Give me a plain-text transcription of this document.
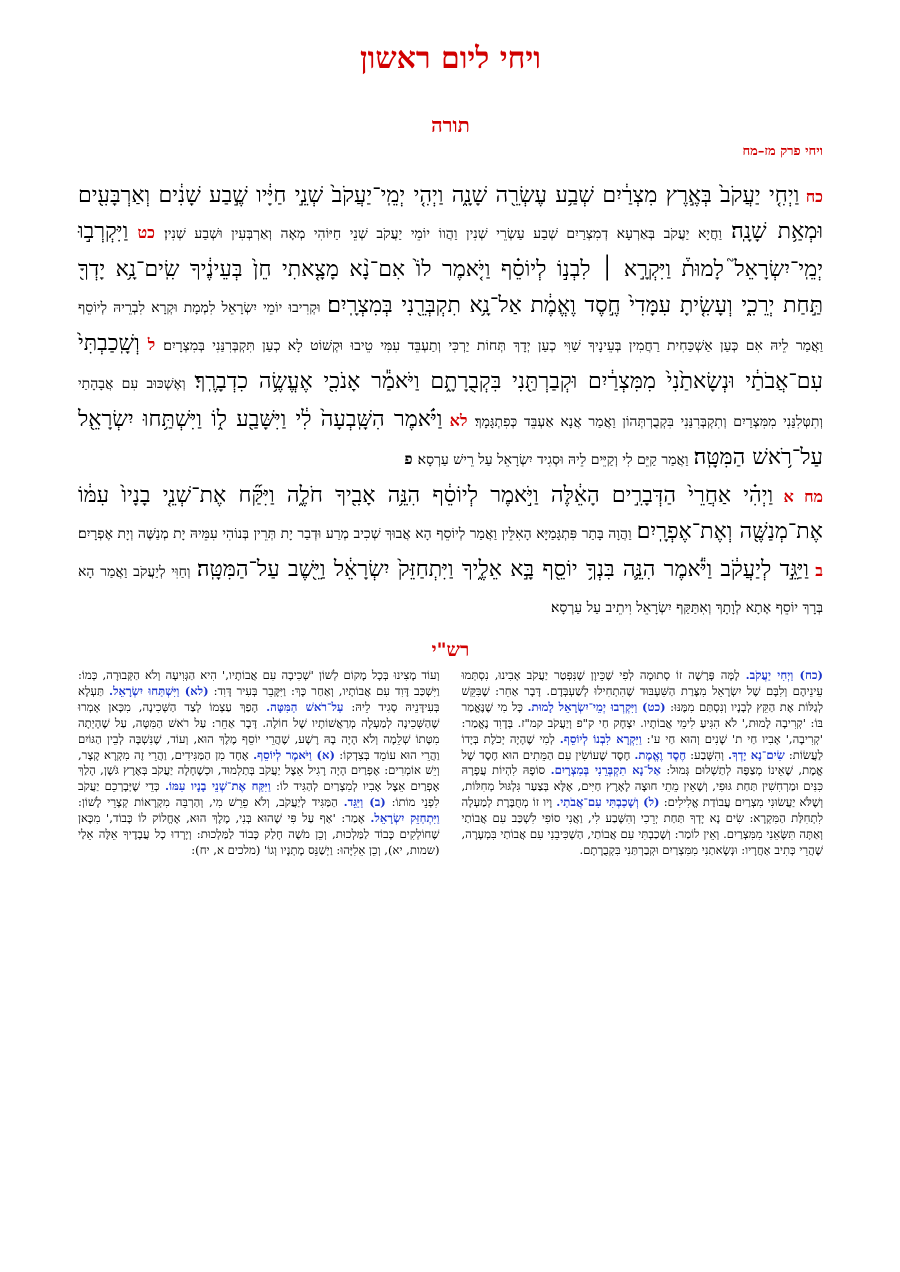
ויחי ליום ראשון
תורה
ויחי פרק מז–מח
כח וַיְחִ֤י יַעֲקֹב֙ בְּאֶ֣רֶץ מִצְרַ֔יִם שְׁבַ֥ע עֶשְׂרֵ֖ה שָׁנָ֑ה וַיְהִ֤י יְמֵֽי־יַעֲקֹב֙ שְׁנֵ֣י חַיָּ֔יו שֶׁ֣בַע שָׁנִ֔ים וְאַרְבָּעִ֖ים וּמְאַ֥ת שָׁנָֽה׃ וַחֲיָא יַעֲקֹב בְּאַרְעָא דְמִצְרַיִם שְׁבַע עַשְׂרֵי שְׁנִין וַהֲווֹ יוֹמֵי יַעֲקֹב שְׁנֵי חַיּוֹהִי מְאָה וְאַרְבְּעִין וּשְׁבַע שְׁנִין׃ כט וַיִּקְרְב֣וּ יְמֵֽי־יִשְׂרָאֵל֮ לָמוּת֒ וַיִּקְרָ֣א ׀ לִבְנ֣וֹ לְיוֹסֵ֗ף וַיֹּ֤אמֶר לוֹ֙ אִם־נָ֨א מָצָ֤אתִי חֵן֙ בְּעֵינֶ֔יךָ שִֽׂים־נָ֥א יָדְךָ֖ תַּ֣חַת יְרֵכִ֑י וְעָשִׂ֤יתָ עִמָּדִי֙ חֶ֣סֶד וֶאֱמֶ֔ת אַל־נָ֥א תִקְבְּרֵ֖נִי בְּמִצְרָֽיִם׃ וּקְרִיבוּ יוֹמֵי יִשְׂרָאֵל לִמְמָת וּקְרָא לִבְרֵיהּ לְיוֹסֵף וַאֲמַר לֵיהּ אִם כְּעַן אַשְׁכַּחִית רַחֲמִין בְּעֵינָיךְ שַׁוִּי כְעַן יְדָךְ תְּחוֹת יַרְכִּי וְתַעְבֵּד עִמִּי טֵיבוּ וּקְשׁוֹט לָא כְעַן תִּקְבְּרִנַּנִי בְּמִצְרָיִם׃ ל וְשָֽׁכַבְתִּי֙ עִם־אֲבֹתַ֔י וּנְשָׂאתַ֙נִי֙ מִמִּצְרַ֔יִם וּקְבַרְתַּ֖נִי בִּקְבֻרָתָ֑ם וַיֹּאמַ֕ר אָנֹכִ֖י אֶעֱשֶׂ֥ה כִדְבָרֶֽךָ׃ וְאֶשְׁכּוּב עִם אֲבָהָתַי וְתִטְּלִנַּנִי מִמִּצְרַיִם וְתִקְבְּרִנַּנִי בִּקְבֻרְתְּהוֹן וַאֲמַר אֲנָא אַעְבֵּד כְּפִתְגָּמָךְ׃ לא וַיֹּ֗אמֶר הִשָּֽׁבְעָה֙ לִ֔י וַיִּשָּׁבַ֖ע ל֑וֹ וַיִּשְׁתַּ֥חוּ יִשְׂרָאֵ֖ל עַל־רֹ֥אשׁ הַמִּטָּֽה׃ וַאֲמַר קַיֵּם לִי וְקַיֵּים לֵיהּ וּסְגִיד יִשְׂרָאֵל עַל רֵישׁ עַרְסָא׃ פ
מח א וַיְהִ֗י אַחֲרֵי֙ הַדְּבָרִ֣ים הָאֵ֔לֶּה וַיֹּ֣אמֶר לְיוֹסֵ֔ף הִנֵּ֥ה אָבִ֖יךָ חֹלֶ֑ה וַיִּקַּ֞ח אֶת־שְׁנֵ֤י בָנָיו֙ עִמּ֔וֹ אֶת־מְנַשֶּׁ֖ה וְאֶת־אֶפְרָֽיִם׃ וַהֲוָה בָּתַר פִּתְגָּמַיָּא הָאִלֵּין וַאֲמַר לְיוֹסֵף הָא אֲבוּךְ שְׁכִיב מְרַע וּדְבַר יָת תְּרֵין בְּנוֹהִי עִמֵּיהּ יָת מְנַשֶּׁה וְיָת אֶפְרָיִם׃ ב וַיַּגֵּ֣ד לְיַעֲקֹ֔ב וַיֹּ֕אמֶר הִנֵּ֛ה בִּנְךָ֥ יוֹסֵ֖ף בָּ֣א אֵלֶ֑יךָ וַיִּתְחַזֵּק֙ יִשְׂרָאֵ֔ל וַיֵּ֖שֶׁב עַל־הַמִּטָּֽה׃ וְחַוִּי לְיַעֲקֹב וַאֲמַר הָא בְּרָךְ יוֹסֵף אָתָא לְוָתָךְ וְאִתַּקַּף יִשְׂרָאֵל וִיתֵיב עַל עַרְסָא׃
רש"י
(כח) וַיְחִי יַעֲקֹב. לָמָּה פָּרָשָׁה זוֹ סְתוּמָה לְפִי שֶׁכֵּיוָן שֶׁנִּפְטַר יַעֲקֹב אָבִינוּ, נִסְתְּמוּ עֵינֵיהֶם וְלִבָּם שֶׁל יִשְׂרָאֵל מִצָּרַת הַשִּׁעְבּוּד שֶׁהִתְחִילוּ לְשַׁעְבְּדָם. דָּבָר אַחֵר: שֶׁבִּקֵּשׁ לְגַלּוֹת אֶת הַקֵּץ לְבָנָיו וְנִסְתַּם מִמֶּנּוּ: (כט) וַיִּקְרְבוּ יְמֵי־יִשְׂרָאֵל לָמוּת. כָּל מִי שֶׁנֶּאֱמַר בּוֹ: 'קְרִיבָה לָמוּת,' לֹא הִגִּיעַ לִימֵי אֲבוֹתָיו. יִצְחָק חַי ק"פ וְיַעֲקֹב קמ"ז. בְּדָוִד נֶאֱמַר: 'קְרִיבָה,' אָבִיו חַי ת' שָׁנִים וְהוּא חַי ע': וַיִּקְרָא לִבְנוֹ לְיוֹסֵף. לְמִי שֶׁהָיָה יְכֹלֶת בְּיָדוֹ לַעֲשׂוֹת: שִׂים־נָא יָדְךָ. וְהִשָּׁבַע: חֶסֶד וֶאֱמֶת. חֶסֶד שֶׁעוֹשִׂין עִם הַמֵּתִים הוּא חֶסֶד שֶׁל אֱמֶת, שֶׁאֵינוֹ מְצַפֶּה לְתַשְׁלוּם גְּמוּל: אַל־נָא תִקְבְּרֵנִי בְּמִצְרָיִם. סוֹפָהּ לִהְיוֹת עֲפָרָהּ כִּנִּים וּמַרְחִשִׁין תַּחַת גּוּפִי, וְשֶׁאֵין מֵתֵי חוּצָה לָאָרֶץ חַיִּים, אֶלָּא בְּצַעַר גִּלְגּוּל מְחִלּוֹת, וְשֶׁלֹּא יַעֲשׂוּנִי מִצְרַיִם עֲבוֹדַת אֱלִילִים: (ל) וְשָׁכַבְתִּי עִם־אֲבֹתַי. וָיו זוֹ מְחֻבֶּרֶת לְמַעְלָה לִתְחִלַּת הַמִּקְרָא: שִׂים נָא יָדְךָ תַּחַת יְרֵכִי וְהִשָּׁבַע לִי, וַאֲנִי סוֹפִי לִשְׁכַּב עִם אֲבוֹתַי וְאַתָּה תִּשָּׂאֵנִי מִמִּצְרַיִם. וְאֵין לוֹמַר: וְשָׁכַבְתִּי עִם אֲבוֹתַי, הַשְׁכִּיבֵנִי עִם אֲבוֹתַי בִּמְעָרָה, שֶׁהֲרֵי כְּתִיב אַחֲרָיו: וּנְשָׂאתַנִי מִמִּצְרַיִם וּקְבַרְתַּנִי בִּקְבֻרָתָם.
וְעוֹד מָצִינוּ בְּכָל מָקוֹם לְשׁוֹן 'שְׁכִיבָה עִם אֲבוֹתָיו,' הִיא הַגְּוִיעָה וְלֹא הַקְּבוּרָה, כְּמוֹ: וַיִּשְׁכַּב דָּוִד עִם אֲבוֹתָיו, וְאַחַר כָּךְ: וַיִּקָּבֵר בְּעִיר דָּוִד: (לא) וַיִּשְׁתַּחוּ יִשְׂרָאֵל. תַּעְלָא בְּעִידָּנֵיהּ סְגִיד לֵיהּ: עַל־רֹאשׁ הַמִּטָּה. הָפַךְ עַצְמוֹ לְצַד הַשְּׁכִינָה, מִכָּאן אָמְרוּ שֶׁהַשְּׁכִינָה לְמַעְלָה מְרַאֲשׁוֹתָיו שֶׁל חוֹלֶה. דָּבָר אַחֵר: עַל רֹאשׁ הַמִּטָּה, עַל שֶׁהָיְתָה מִטָּתוֹ שְׁלֵמָה וְלֹא הָיָה בָהּ רָשָׁע, שֶׁהֲרֵי יוֹסֵף מֶלֶךְ הוּא, וְעוֹד, שֶׁנִּשְׁבָּה לְבֵין הַגּוֹיִם וַהֲרֵי הוּא עוֹמֵד בְּצִדְקוֹ: (א) וַיֹּאמֶר לְיוֹסֵף. אֶחָד מִן הַמַּגִּידִים, וַהֲרֵי זֶה מִקְרָא קָצָר, וְיֵשׁ אוֹמְרִים: אֶפְרַיִם הָיָה רָגִיל אֵצֶל יַעֲקֹב בְּתַלְמוּד, וּכְשֶׁחָלָה יַעֲקֹב בְּאֶרֶץ גֹּשֶׁן, הָלַךְ אֶפְרַיִם אֵצֶל אָבִיו לְמִצְרַיִם לְהַגִּיד לוֹ: וַיִּקַּח אֶת־שְׁנֵי בָנָיו עִמּוֹ. כְּדֵי שֶׁיְּבָרְכֵם יַעֲקֹב לִפְנֵי מוֹתוֹ: (ב) וַיַּגֵּד. הַמַּגִּיד לְיַעֲקֹב, וְלֹא פֵרֵשׁ מִי, וְהַרְבֵּה מִקְרָאוֹת קְצָרֵי לָשׁוֹן: וַיִּתְחַזֵּק יִשְׂרָאֵל. אָמַר: 'אַף עַל פִּי שֶׁהוּא בְּנִי, מֶלֶךְ הוּא, אֶחֱלוֹק לוֹ כָּבוֹד,' מִכָּאן שֶׁחוֹלְקִים כָּבוֹד לַמַּלְכוּת, וְכֵן מֹשֶׁה חָלַק כָּבוֹד לַמַּלְכוּת: וְיָרְדוּ כָל עֲבָדֶיךָ אֵלֶּה אֵלַי (שמות, יא), וְכֵן אֵלִיָּהוּ: וַיְשַׁנֵּס מָתְנָיו וְגוֹ' (מלכים א, יח):
